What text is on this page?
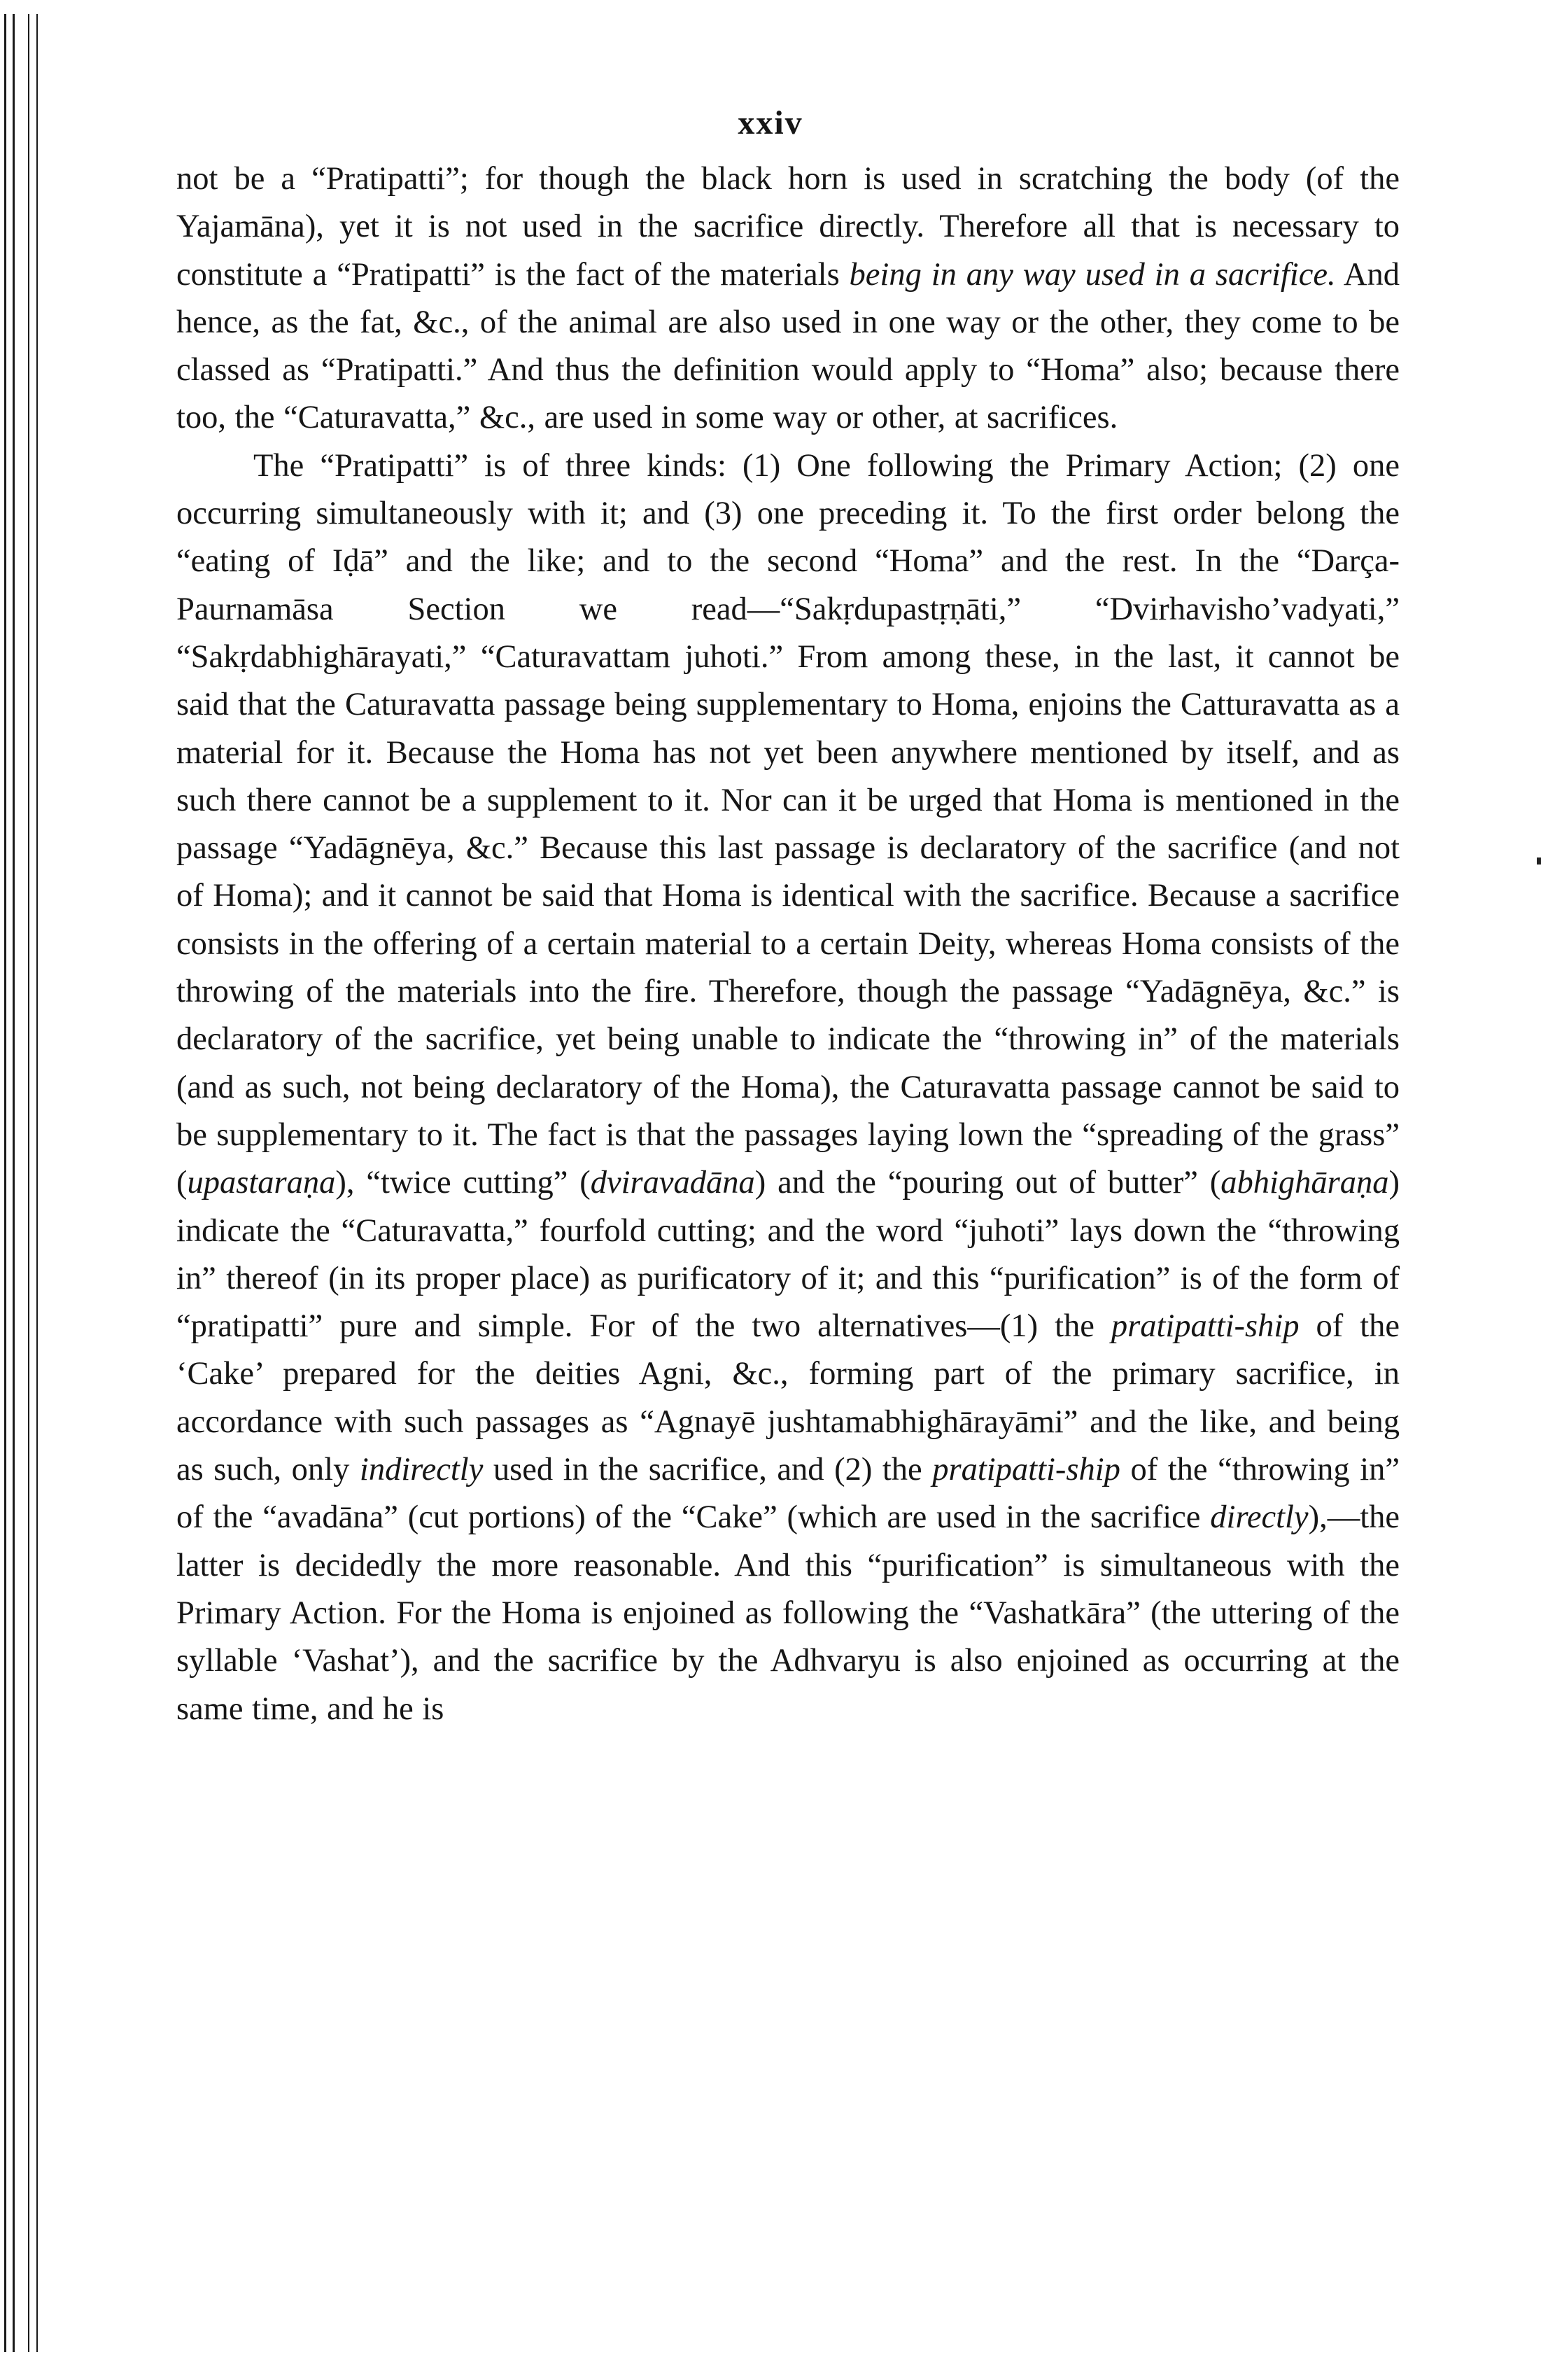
xxiv

not be a “Pratipatti”; for though the black horn is used in scratching the body (of the Yajamāna), yet it is not used in the sacrifice directly. Therefore all that is necessary to constitute a “Pratipatti” is the fact of the materials being in any way used in a sacrifice. And hence, as the fat, &c., of the animal are also used in one way or the other, they come to be classed as “Pratipatti.” And thus the definition would apply to “Homa” also; because there too, the “Caturavatta,” &c., are used in some way or other, at sacrifices.

The “Pratipatti” is of three kinds: (1) One following the Primary Action; (2) one occurring simultaneously with it; and (3) one preceding it. To the first order belong the “eating of Iḍā” and the like; and to the second “Homa” and the rest. In the “Darça-Paurnamāsa Section we read—“Sakṛdupastṛṇāti,” “Dvirhavisho’vadyati,” “Sakṛdabhighārayati,” “Caturavattam juhoti.” From among these, in the last, it cannot be said that the Caturavatta passage being supplementary to Homa, enjoins the Catturavatta as a material for it. Because the Homa has not yet been anywhere mentioned by itself, and as such there cannot be a supplement to it. Nor can it be urged that Homa is mentioned in the passage “Yadāgnēya, &c.” Because this last passage is declaratory of the sacrifice (and not of Homa); and it cannot be said that Homa is identical with the sacrifice. Because a sacrifice consists in the offering of a certain material to a certain Deity, whereas Homa consists of the throwing of the materials into the fire. Therefore, though the passage “Yadāgnēya, &c.” is declaratory of the sacrifice, yet being unable to indicate the “throwing in” of the materials (and as such, not being declaratory of the Homa), the Caturavatta passage cannot be said to be supplementary to it. The fact is that the passages laying lown the “spreading of the grass” (upastaraṇa), “twice cutting” (dviravadāna) and the “pouring out of butter” (abhighāraṇa) indicate the “Caturavatta,” fourfold cutting; and the word “juhoti” lays down the “throwing in” thereof (in its proper place) as purificatory of it; and this “purification” is of the form of “pratipatti” pure and simple. For of the two alternatives—(1) the pratipatti-ship of the ‘Cake’ prepared for the deities Agni, &c., forming part of the primary sacrifice, in accordance with such passages as “Agnayē jushtamabhighārayāmi” and the like, and being as such, only indirectly used in the sacrifice, and (2) the pratipatti-ship of the “throwing in” of the “avadāna” (cut portions) of the “Cake” (which are used in the sacrifice directly),—the latter is decidedly the more reasonable. And this “purification” is simultaneous with the Primary Action. For the Homa is enjoined as following the “Vashatkāra” (the uttering of the syllable ‘Vashat’), and the sacrifice by the Adhvaryu is also enjoined as occurring at the same time, and he is
